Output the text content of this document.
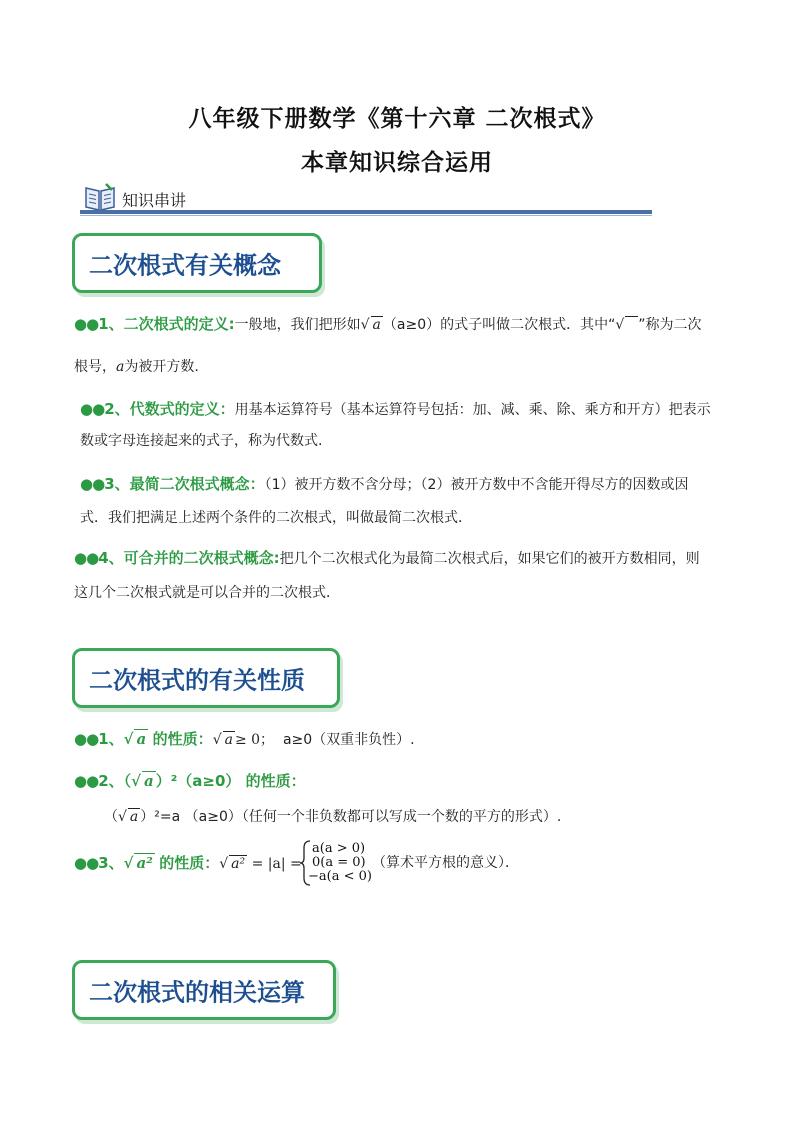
八年级下册数学《第十六章 二次根式》
本章知识综合运用
知识串讲
二次根式有关概念
●●1、二次根式的定义:一般地，我们把形如√ a （a≥0）的式子叫做二次根式．其中“√ ”称为二次
根号，a为被开方数.
●●2、代数式的定义：用基本运算符号（基本运算符号包括：加、减、乘、除、乘方和开方）把表示
数或字母连接起来的式子，称为代数式.
●●3、最简二次根式概念：（1）被开方数不含分母；（2）被开方数中不含能开得尽方的因数或因
式．我们把满足上述两个条件的二次根式，叫做最简二次根式．
●●4、可合并的二次根式概念:把几个二次根式化为最简二次根式后，如果它们的被开方数相同，则
这几个二次根式就是可以合并的二次根式．
二次根式的有关性质
●●1、√ a 的性质：√ a ≥ 0； a≥0（双重非负性）.
●●2、（√ a ）²（a≥0） 的性质：
（√ a ）²=a （a≥0）（任何一个非负数都可以写成一个数的平方的形式）.
●●3、√ a² 的性质：√ a² = |a| =
a(a > 0)
0(a = 0)
−a(a < 0)
（算术平方根的意义）．
二次根式的相关运算
